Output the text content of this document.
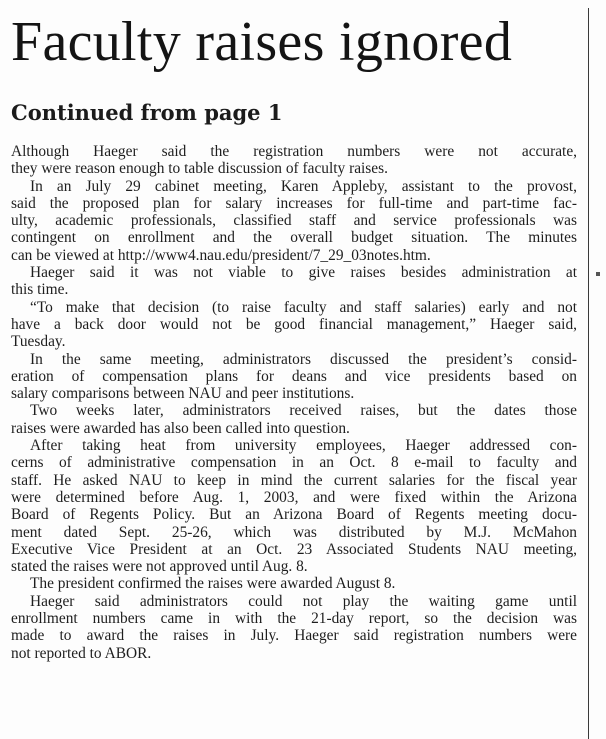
Faculty raises ignored
Continued from page 1
Although Haeger said the registration numbers were not accurate,
they were reason enough to table discussion of faculty raises.
In an July 29 cabinet meeting, Karen Appleby, assistant to the provost,
said the proposed plan for salary increases for full-time and part-time fac-
ulty, academic professionals, classified staff and service professionals was
contingent on enrollment and the overall budget situation. The minutes
can be viewed at http://www4.nau.edu/president/7_29_03notes.htm.
Haeger said it was not viable to give raises besides administration at
this time.
“To make that decision (to raise faculty and staff salaries) early and not
have a back door would not be good financial management,” Haeger said,
Tuesday.
In the same meeting, administrators discussed the president’s consid-
eration of compensation plans for deans and vice presidents based on
salary comparisons between NAU and peer institutions.
Two weeks later, administrators received raises, but the dates those
raises were awarded has also been called into question.
After taking heat from university employees, Haeger addressed con-
cerns of administrative compensation in an Oct. 8 e-mail to faculty and
staff. He asked NAU to keep in mind the current salaries for the fiscal year
were determined before Aug. 1, 2003, and were fixed within the Arizona
Board of Regents Policy. But an Arizona Board of Regents meeting docu-
ment dated Sept. 25-26, which was distributed by M.J. McMahon
Executive Vice President at an Oct. 23 Associated Students NAU meeting,
stated the raises were not approved until Aug. 8.
The president confirmed the raises were awarded August 8.
Haeger said administrators could not play the waiting game until
enrollment numbers came in with the 21-day report, so the decision was
made to award the raises in July. Haeger said registration numbers were
not reported to ABOR.
